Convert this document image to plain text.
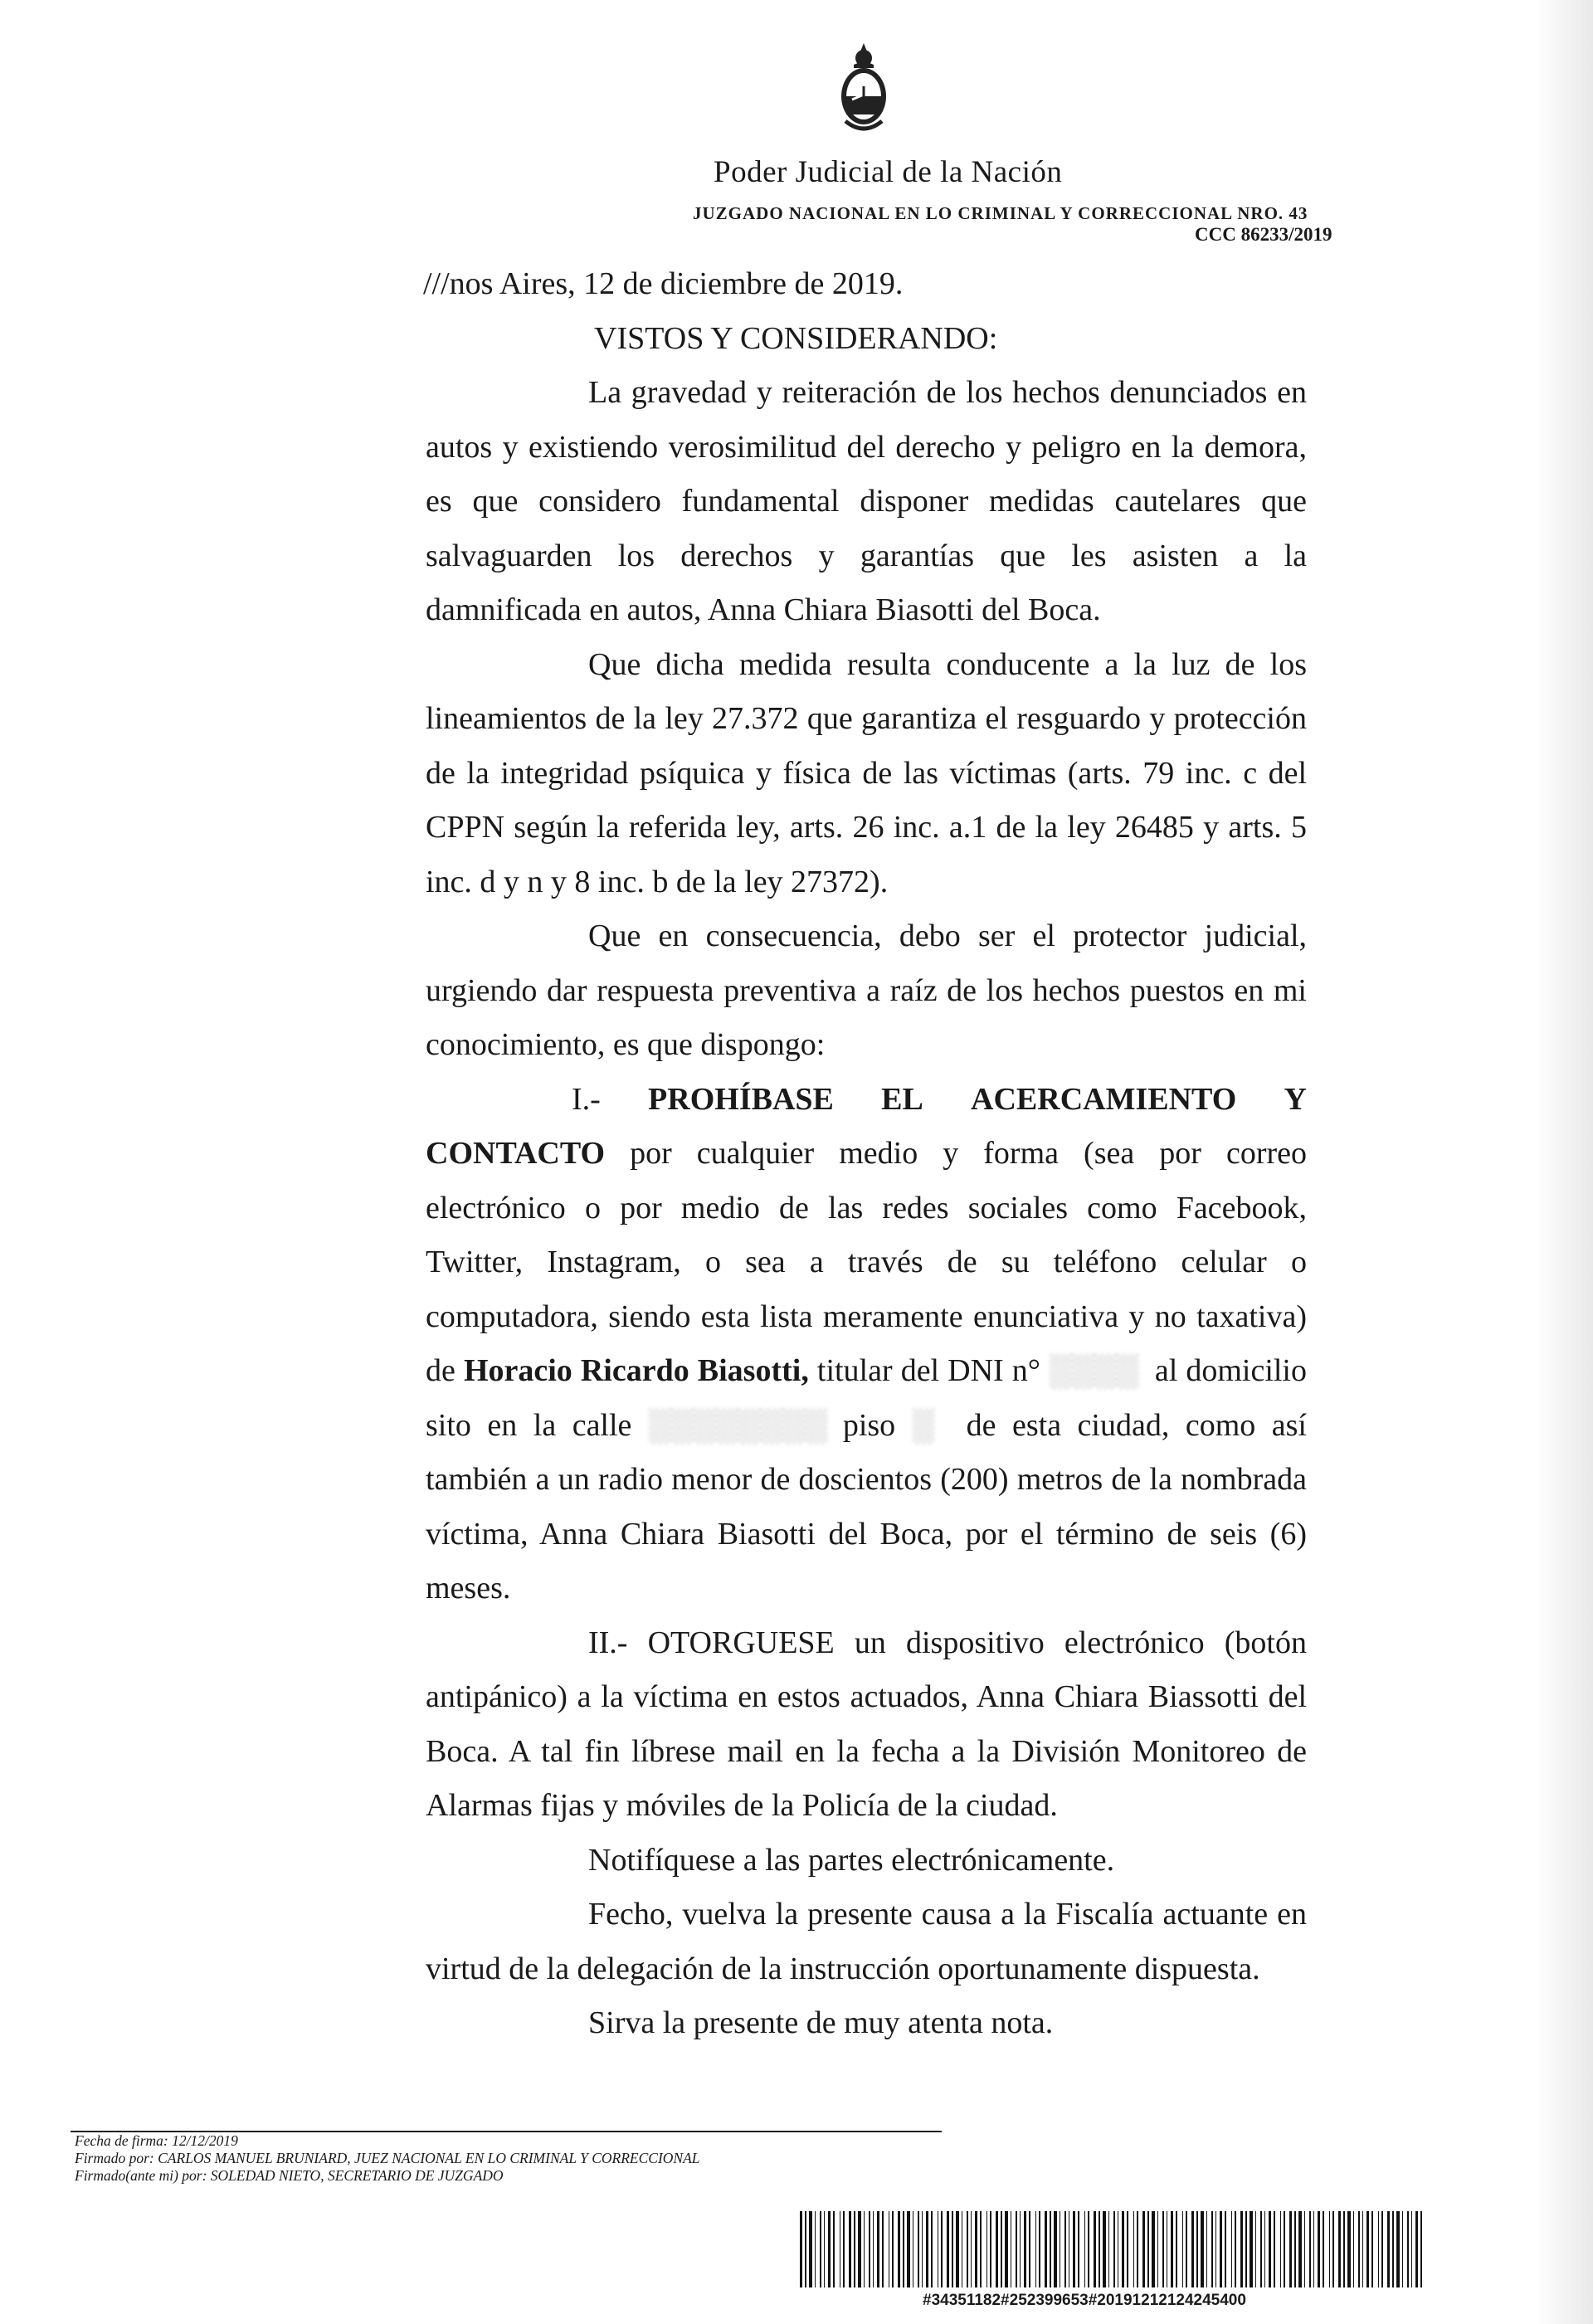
Poder Judicial de la Nación
JUZGADO NACIONAL EN LO CRIMINAL Y CORRECCIONAL NRO. 43
CCC 86233/2019

///nos Aires, 12 de diciembre de 2019.

VISTOS Y CONSIDERANDO:

La gravedad y reiteración de los hechos denunciados en autos y existiendo verosimilitud del derecho y peligro en la demora, es que considero fundamental disponer medidas cautelares que salvaguarden los derechos y garantías que les asisten a la damnificada en autos, Anna Chiara Biasotti del Boca.

Que dicha medida resulta conducente a la luz de los lineamientos de la ley 27.372 que garantiza el resguardo y protección de la integridad psíquica y física de las víctimas (arts. 79 inc. c del CPPN según la referida ley, arts. 26 inc. a.1 de la ley 26485 y arts. 5 inc. d y n y 8 inc. b de la ley 27372).

Que en consecuencia, debo ser el protector judicial, urgiendo dar respuesta preventiva a raíz de los hechos puestos en mi conocimiento, es que dispongo:

I.- PROHÍBASE EL ACERCAMIENTO Y

CONTACTO por cualquier medio y forma (sea por correo electrónico o por medio de las redes sociales como Facebook, Twitter, Instagram, o sea a través de su teléfono celular o computadora, siendo esta lista meramente enunciativa y no taxativa) de Horacio Ricardo Biasotti, titular del DNI n° ░░░░  al domicilio sito en la calle ░░░░░░░░ piso ░  de esta ciudad, como así también a un radio menor de doscientos (200) metros de la nombrada víctima, Anna Chiara Biasotti del Boca, por el término de seis (6) meses.

II.- OTORGUESE un dispositivo electrónico (botón antipánico) a la víctima en estos actuados, Anna Chiara Biassotti del Boca. A tal fin líbrese mail en la fecha a la División Monitoreo de Alarmas fijas y móviles de la Policía de la ciudad.

Notifíquese a las partes electrónicamente.

Fecho, vuelva la presente causa a la Fiscalía actuante en virtud de la delegación de la instrucción oportunamente dispuesta.

Sirva la presente de muy atenta nota.

Fecha de firma: 12/12/2019
Firmado por: CARLOS MANUEL BRUNIARD, JUEZ NACIONAL EN LO CRIMINAL Y CORRECCIONAL
Firmado(ante mi) por: SOLEDAD NIETO, SECRETARIO DE JUZGADO
#34351182#252399653#20191212124245400
